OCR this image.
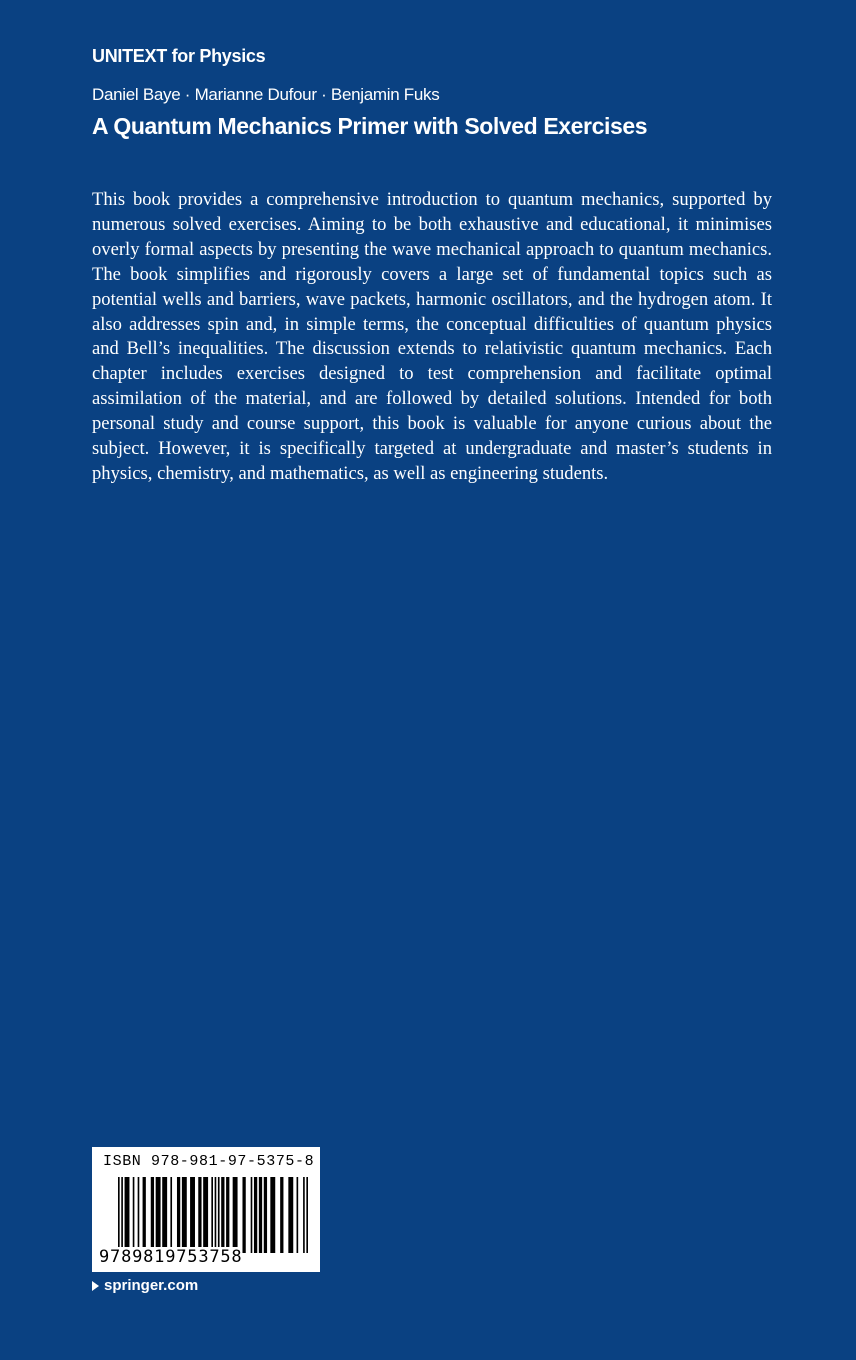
UNITEXT for Physics
Daniel Baye · Marianne Dufour · Benjamin Fuks
A Quantum Mechanics Primer with Solved Exercises
This book provides a comprehensive introduction to quantum mechanics, supported by numerous solved exercises. Aiming to be both exhaustive and educational, it minimises overly formal aspects by presenting the wave mechanical approach to quantum mechanics. The book simplifies and rigorously covers a large set of fundamental topics such as potential wells and barriers, wave packets, harmonic oscillators, and the hydrogen atom. It also addresses spin and, in simple terms, the conceptual difficulties of quantum physics and Bell’s inequalities. The discussion extends to relativistic quantum mechanics. Each chapter includes exercises designed to test comprehension and facilitate optimal assimilation of the material, and are followed by detailed solutions. Intended for both personal study and course support, this book is valuable for anyone curious about the subject. However, it is specifically targeted at undergraduate and master’s students in physics, chemistry, and mathematics, as well as engineering students.
ISBN 978-981-97-5375-8
9789819753758
springer.com
